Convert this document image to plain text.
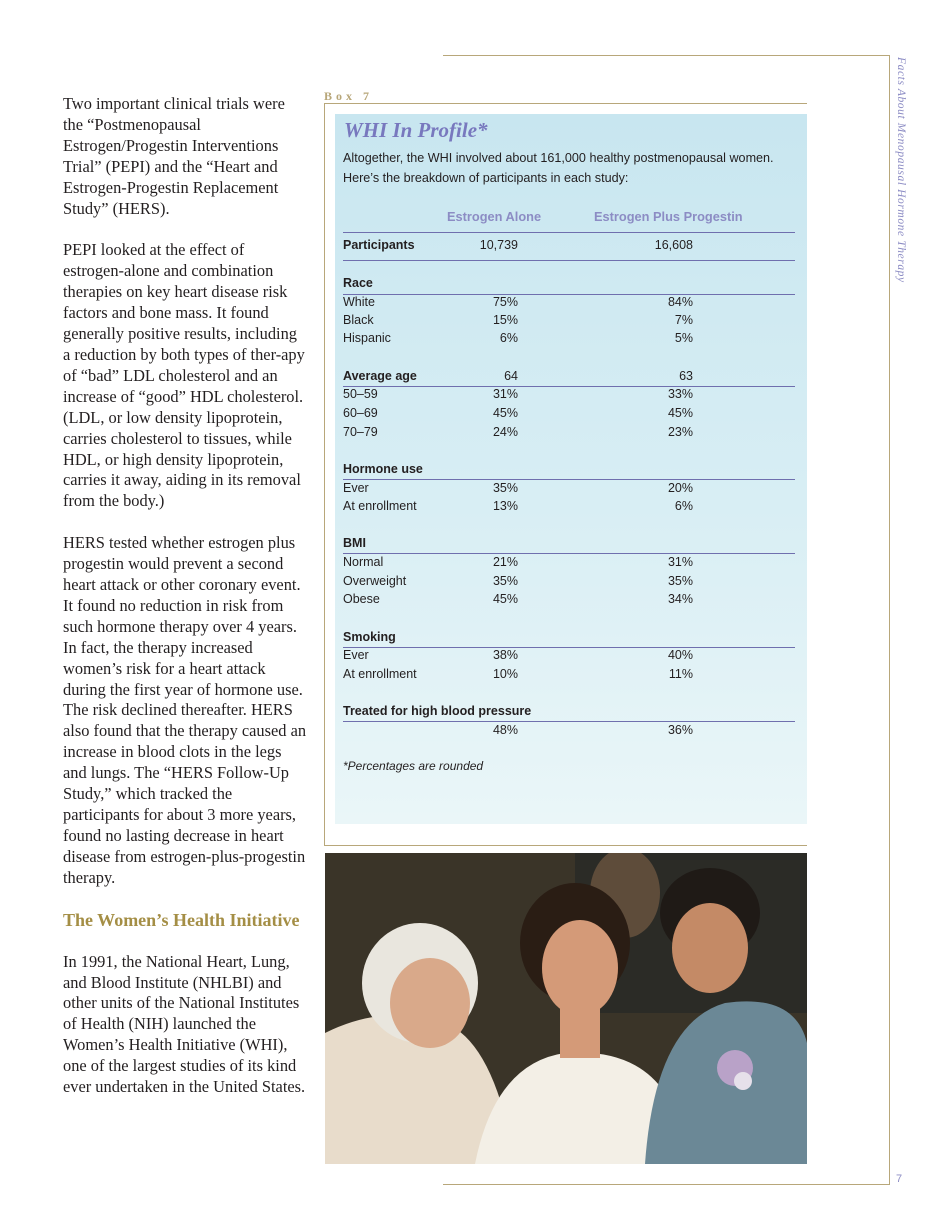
Facts About Menopausal Hormone Therapy
7

Two important clinical trials were the “Postmenopausal Estrogen/Progestin Interventions Trial” (PEPI) and the “Heart and Estrogen-Progestin Replacement Study” (HERS).

PEPI looked at the effect of estrogen-alone and combination therapies on key heart disease risk factors and bone mass. It found generally positive results, including a reduction by both types of ther-apy of “bad” LDL cholesterol and an increase of “good” HDL cholesterol. (LDL, or low density lipoprotein, carries cholesterol to tissues, while HDL, or high density lipoprotein, carries it away, aiding in its removal from the body.)

HERS tested whether estrogen plus progestin would prevent a second heart attack or other coronary event. It found no reduction in risk from such hormone therapy over 4 years. In fact, the therapy increased women’s risk for a heart attack during the first year of hormone use. The risk declined thereafter. HERS also found that the therapy caused an increase in blood clots in the legs and lungs. The “HERS Follow-Up Study,” which tracked the participants for about 3 more years, found no lasting decrease in heart disease from estrogen-plus-progestin therapy.

The Women’s Health Initiative

In 1991, the National Heart, Lung, and Blood Institute (NHLBI) and other units of the National Institutes of Health (NIH) launched the Women’s Health Initiative (WHI), one of the largest studies of its kind ever undertaken in the United States.

Box 7
WHI In Profile*
Altogether, the WHI involved about 161,000 healthy postmenopausal women. Here’s the breakdown of participants in each study:
Estrogen Alone	Estrogen Plus Progestin
Participants	10,739	16,608
Race
White	75%	84%
Black	15%	7%
Hispanic	6%	5%
Average age	64	63
50–59	31%	33%
60–69	45%	45%
70–79	24%	23%
Hormone use
Ever	35%	20%
At enrollment	13%	6%
BMI
Normal	21%	31%
Overweight	35%	35%
Obese	45%	34%
Smoking
Ever	38%	40%
At enrollment	10%	11%
Treated for high blood pressure
48%	36%
*Percentages are rounded
